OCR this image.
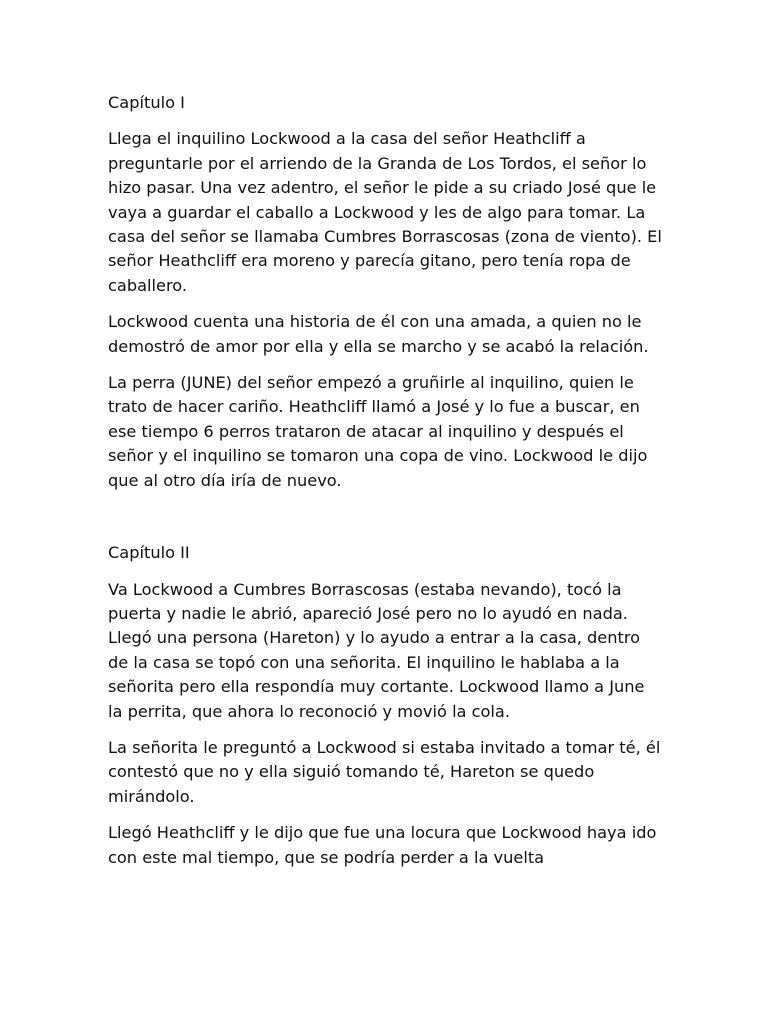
Capítulo I

Llega el inquilino Lockwood a la casa del señor Heathcliff a preguntarle por el arriendo de la Granda de Los Tordos, el señor lo hizo pasar. Una vez adentro, el señor le pide a su criado José que le vaya a guardar el caballo a Lockwood y les de algo para tomar. La casa del señor se llamaba Cumbres Borrascosas (zona de viento). El señor Heathcliff era moreno y parecía gitano, pero tenía ropa de caballero.

Lockwood cuenta una historia de él con una amada, a quien no le demostró de amor por ella y ella se marcho y se acabó la relación.

La perra (JUNE) del señor empezó a gruñirle al inquilino, quien le trato de hacer cariño. Heathcliff llamó a José y lo fue a buscar, en ese tiempo 6 perros trataron de atacar al inquilino y después el señor y el inquilino se tomaron una copa de vino. Lockwood le dijo que al otro día iría de nuevo.

Capítulo II

Va Lockwood a Cumbres Borrascosas (estaba nevando), tocó la puerta y nadie le abrió, apareció José pero no lo ayudó en nada. Llegó una persona (Hareton) y lo ayudo a entrar a la casa, dentro de la casa se topó con una señorita. El inquilino le hablaba a la señorita pero ella respondía muy cortante. Lockwood llamo a June la perrita, que ahora lo reconoció y movió la cola.

La señorita le preguntó a Lockwood si estaba invitado a tomar té, él contestó que no y ella siguió tomando té, Hareton se quedo mirándolo.

Llegó Heathcliff y le dijo que fue una locura que Lockwood haya ido con este mal tiempo, que se podría perder a la vuelta
